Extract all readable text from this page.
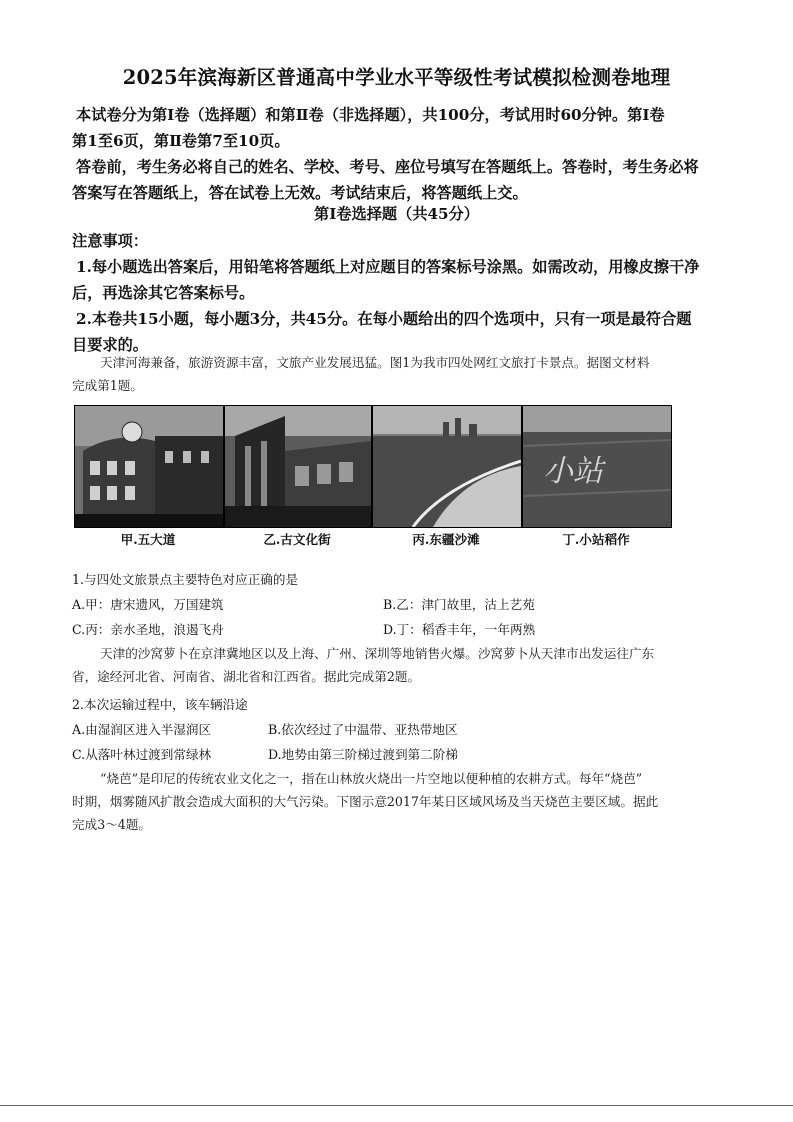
2025年滨海新区普通高中学业水平等级性考试模拟检测卷地理
本试卷分为第Ⅰ卷（选择题）和第Ⅱ卷（非选择题），共100分，考试用时60分钟。第Ⅰ卷
第1至6页，第Ⅱ卷第7至10页。
答卷前，考生务必将自己的姓名、学校、考号、座位号填写在答题纸上。答卷时，考生务必将
答案写在答题纸上，答在试卷上无效。考试结束后，将答题纸上交。
第Ⅰ卷选择题（共45分）
注意事项：
1.每小题选出答案后，用铅笔将答题纸上对应题目的答案标号涂黑。如需改动，用橡皮擦干净
后，再选涂其它答案标号。
2.本卷共15小题，每小题3分，共45分。在每小题给出的四个选项中，只有一项是最符合题
目要求的。
天津河海兼备，旅游资源丰富，文旅产业发展迅猛。图1为我市四处网红文旅打卡景点。据图文材料
完成第1题。
甲.五大道	乙.古文化街	丙.东疆沙滩
小站
丁.小站稻作
1.与四处文旅景点主要特色对应正确的是
A.甲：唐宋遗风，万国建筑	B.乙：津门故里，沽上艺苑
C.丙：亲水圣地，浪遏飞舟	D.丁：稻香丰年，一年两熟
天津的沙窝萝卜在京津冀地区以及上海、广州、深圳等地销售火爆。沙窝萝卜从天津市出发运往广东
省，途经河北省、河南省、湖北省和江西省。据此完成第2题。
2.本次运输过程中，该车辆沿途
A.由湿润区进入半湿润区	B.依次经过了中温带、亚热带地区
C.从落叶林过渡到常绿林	D.地势由第三阶梯过渡到第二阶梯
“烧芭”是印尼的传统农业文化之一，指在山林放火烧出一片空地以便种植的农耕方式。每年“烧芭”
时期，烟雾随风扩散会造成大面积的大气污染。下图示意2017年某日区域风场及当天烧芭主要区域。据此
完成3～4题。
